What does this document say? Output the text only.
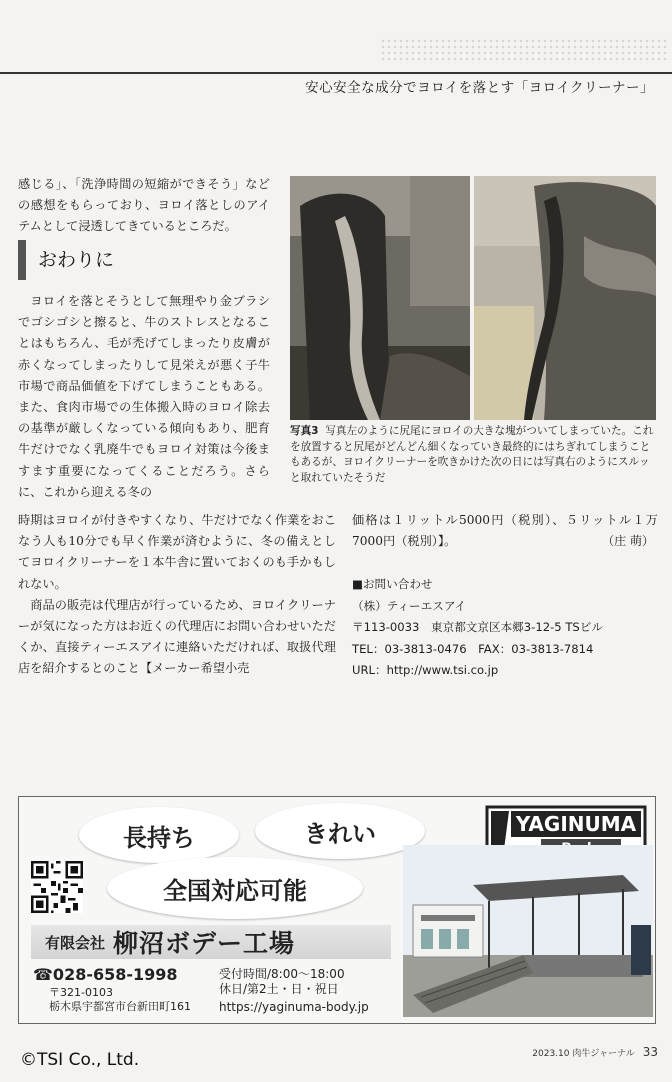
安心安全な成分でヨロイを落とす「ヨロイクリーナー」

感じる」、「洗浄時間の短縮ができそう」などの感想をもらっており、ヨロイ落としのアイテムとして浸透してきているところだ。

おわりに

ヨロイを落とそうとして無理やり金ブラシでゴシゴシと擦ると、牛のストレスとなることはもちろん、毛が禿げてしまったり皮膚が赤くなってしまったりして見栄えが悪く子牛市場で商品価値を下げてしまうこともある。また、食肉市場での生体搬入時のヨロイ除去の基準が厳しくなっている傾向もあり、肥育牛だけでなく乳廃牛でもヨロイ対策は今後ますます重要になってくることだろう。さらに、これから迎える冬の

時期はヨロイが付きやすくなり、牛だけでなく作業をおこなう人も10分でも早く作業が済むように、冬の備えとしてヨロイクリーナーを１本牛舎に置いておくのも手かもしれない。

商品の販売は代理店が行っているため、ヨロイクリーナーが気になった方はお近くの代理店にお問い合わせいただくか、直接ティーエスアイに連絡いただければ、取扱代理店を紹介するとのこと【メーカー希望小売

写真3 写真左のように尻尾にヨロイの大きな塊がついてしまっていた。これを放置すると尻尾がどんどん細くなっていき最終的にはちぎれてしまうこともあるが、ヨロイクリーナーを吹きかけた次の日には写真右のようにスルッと取れていたそうだ

価格は１リットル5000円（税別）、５リットル１万7000円（税別）】。	（庄 萌）
■お問い合わせ
（株）ティーエスアイ
〒113-0033　東京都文京区本郷3-12-5 TSビル
TEL：03-3813-0476　FAX：03-3813-7814
URL：http://www.tsi.co.jp
長持ち	きれい
全国対応可能
有限会社 柳沼ボデー工場
☎028-658-1998	受付時間/8:00～18:00
休日/第2土・日・祝日
〒321-0103
栃木県宇都宮市台新田町161 https://yaginuma-body.jp
YAGINUMA
©TSI Co., Ltd.	2023.10 肉牛ジャーナル 33
